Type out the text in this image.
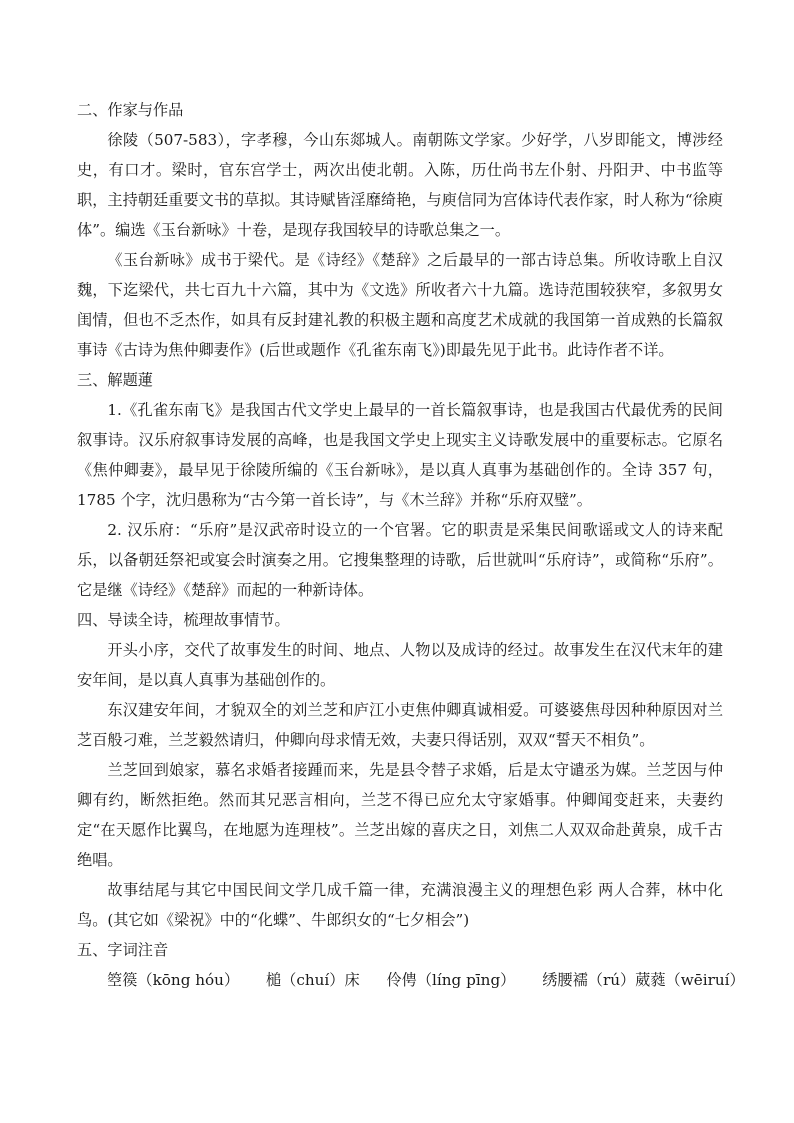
二、作家与作品

徐陵（507-583），字孝穆，今山东郯城人。南朝陈文学家。少好学，八岁即能文，博涉经史，有口才。梁时，官东宫学士，两次出使北朝。入陈，历仕尚书左仆射、丹阳尹、中书监等职，主持朝廷重要文书的草拟。其诗赋皆淫靡绮艳，与庾信同为宫体诗代表作家，时人称为“徐庾体”。编选《玉台新咏》十卷，是现存我国较早的诗歌总集之一。

《玉台新咏》成书于梁代。是《诗经》《楚辞》之后最早的一部古诗总集。所收诗歌上自汉魏，下迄梁代，共七百九十六篇，其中为《文选》所收者六十九篇。选诗范围较狭窄，多叙男女闺情，但也不乏杰作，如具有反封建礼教的积极主题和高度艺术成就的我国第一首成熟的长篇叙事诗《古诗为焦仲卿妻作》(后世或题作《孔雀东南飞》)即最先见于此书。此诗作者不详。

三、解题蓮

1.《孔雀东南飞》是我国古代文学史上最早的一首长篇叙事诗，也是我国古代最优秀的民间叙事诗。汉乐府叙事诗发展的高峰，也是我国文学史上现实主义诗歌发展中的重要标志。它原名《焦仲卿妻》，最早见于徐陵所编的《玉台新咏》，是以真人真事为基础创作的。全诗 357 句，1785 个字，沈归愚称为“古今第一首长诗”，与《木兰辞》并称“乐府双璧”。

2. 汉乐府：“乐府”是汉武帝时设立的一个官署。它的职责是采集民间歌谣或文人的诗来配乐，以备朝廷祭祀或宴会时演奏之用。它搜集整理的诗歌，后世就叫“乐府诗”，或简称“乐府”。它是继《诗经》《楚辞》而起的一种新诗体。

四、导读全诗，梳理故事情节。

开头小序，交代了故事发生的时间、地点、人物以及成诗的经过。故事发生在汉代末年的建安年间，是以真人真事为基础创作的。

东汉建安年间，才貌双全的刘兰芝和庐江小吏焦仲卿真诚相爱。可婆婆焦母因种种原因对兰芝百般刁难，兰芝毅然请归，仲卿向母求情无效，夫妻只得话别，双双“誓天不相负”。

兰芝回到娘家，慕名求婚者接踵而来，先是县令替子求婚，后是太守谴丞为媒。兰芝因与仲卿有约，断然拒绝。然而其兄恶言相向，兰芝不得已应允太守家婚事。仲卿闻变赶来，夫妻约定“在天愿作比翼鸟，在地愿为连理枝”。兰芝出嫁的喜庆之日，刘焦二人双双命赴黄泉，成千古绝唱。

故事结尾与其它中国民间文学几成千篇一律，充满浪漫主义的理想色彩 两人合葬，林中化鸟。(其它如《梁祝》中的“化蝶”、牛郎织女的“七夕相会”)

五、字词注音

箜篌（kōng hóu） 槌（chuí）床 伶俜（líng pīng） 绣腰襦（rú）葳蕤（wēiruí）
